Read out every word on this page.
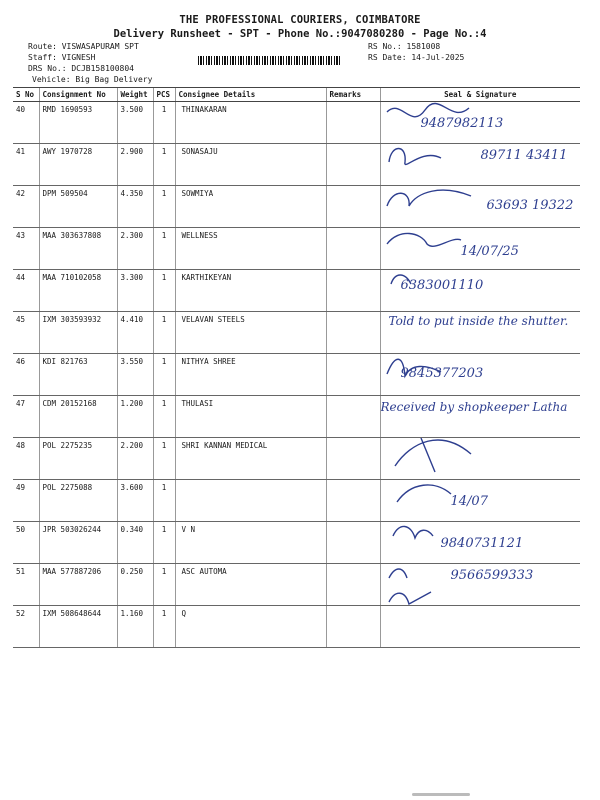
THE PROFESSIONAL COURIERS, COIMBATORE
Delivery Runsheet - SPT - Phone No.:9047080280 - Page No.:4
Route: VISWASAPURAM SPT
Staff: VIGNESH
DRS No.: DCJB158100804
Vehicle: Big Bag Delivery
RS No.: 1581008
RS Date: 14-Jul-2025
S No	Consignment No	Weight	PCS	Consignee Details	Remarks	Seal & Signature
40	RMD 1690593	3.500	1	THINAKARAN		9487982113

41	AWY 1970728	2.900	1	SONASAJU		89711 43411

42	DPM 509504	4.350	1	SOWMIYA		63693 19322

43	MAA 303637808	2.300	1	WELLNESS		14/07/25

44	MAA 710102058	3.300	1	KARTHIKEYAN		6383001110

45	IXM 303593932	4.410	1	VELAVAN STEELS		Told to put inside the shutter.

46	KDI 821763	3.550	1	NITHYA SHREE		9845377203

47	CDM 20152168	1.200	1	THULASI		Received by shopkeeper Latha

48	POL 2275235	2.200	1	SHRI KANNAN MEDICAL		

49	POL 2275088	3.600	1			14/07

50	JPR 503026244	0.340	1	V N		9840731121

51	MAA 577887206	0.250	1	ASC AUTOMA		9566599333

52	IXM 508648644	1.160	1	Q		
